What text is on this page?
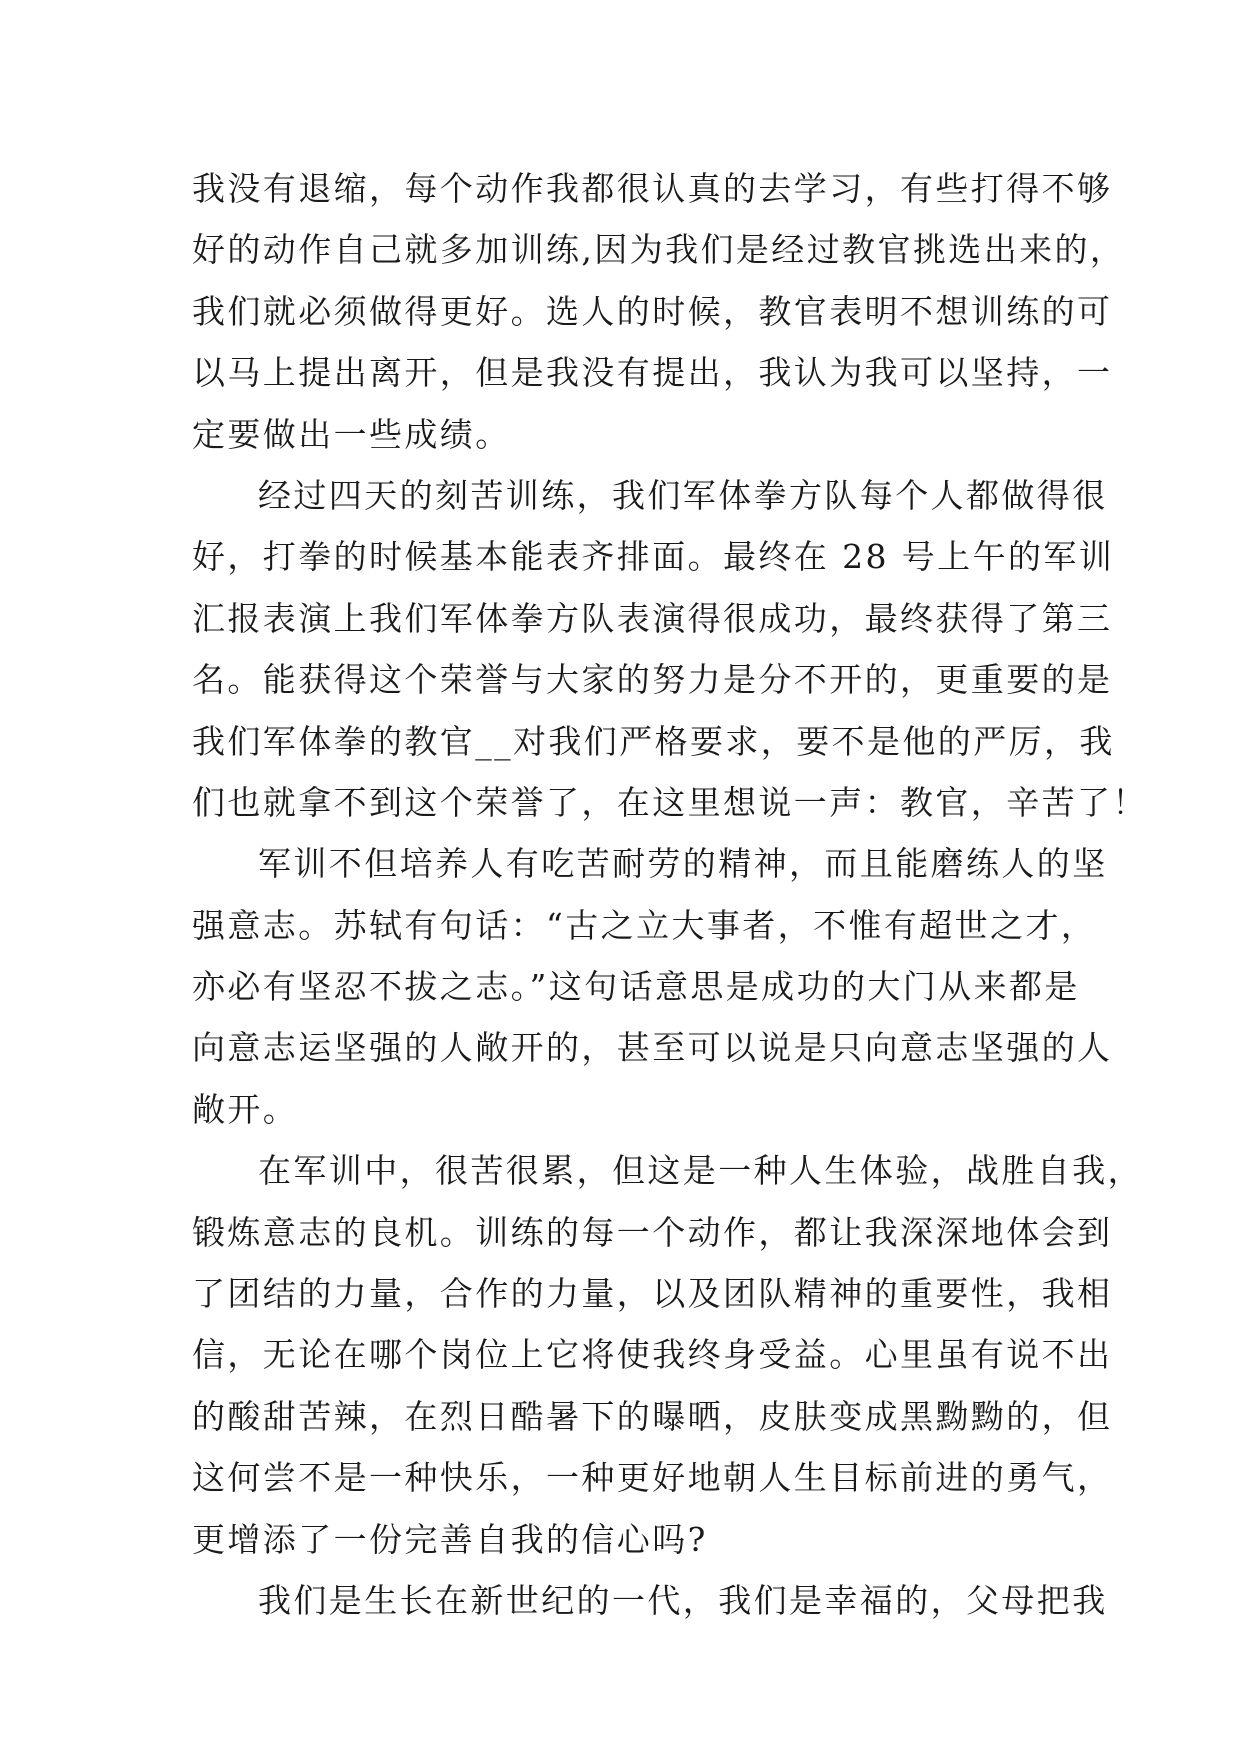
我没有退缩，每个动作我都很认真的去学习，有些打得不够
好的动作自己就多加训练,因为我们是经过教官挑选出来的，
我们就必须做得更好。选人的时候，教官表明不想训练的可
以马上提出离开，但是我没有提出，我认为我可以坚持，一
定要做出一些成绩。
经过四天的刻苦训练，我们军体拳方队每个人都做得很
好，打拳的时候基本能表齐排面。最终在 28 号上午的军训
汇报表演上我们军体拳方队表演得很成功，最终获得了第三
名。能获得这个荣誉与大家的努力是分不开的，更重要的是
我们军体拳的教官__对我们严格要求，要不是他的严厉，我
们也就拿不到这个荣誉了，在这里想说一声：教官，辛苦了！
军训不但培养人有吃苦耐劳的精神，而且能磨练人的坚
强意志。苏轼有句话：“古之立大事者，不惟有超世之才，
亦必有坚忍不拔之志。”这句话意思是成功的大门从来都是
向意志运坚强的人敞开的，甚至可以说是只向意志坚强的人
敞开。
在军训中，很苦很累，但这是一种人生体验，战胜自我，
锻炼意志的良机。训练的每一个动作，都让我深深地体会到
了团结的力量，合作的力量，以及团队精神的重要性，我相
信，无论在哪个岗位上它将使我终身受益。心里虽有说不出
的酸甜苦辣，在烈日酷暑下的曝晒，皮肤变成黑黝黝的，但
这何尝不是一种快乐，一种更好地朝人生目标前进的勇气，
更增添了一份完善自我的信心吗?
我们是生长在新世纪的一代，我们是幸福的，父母把我
